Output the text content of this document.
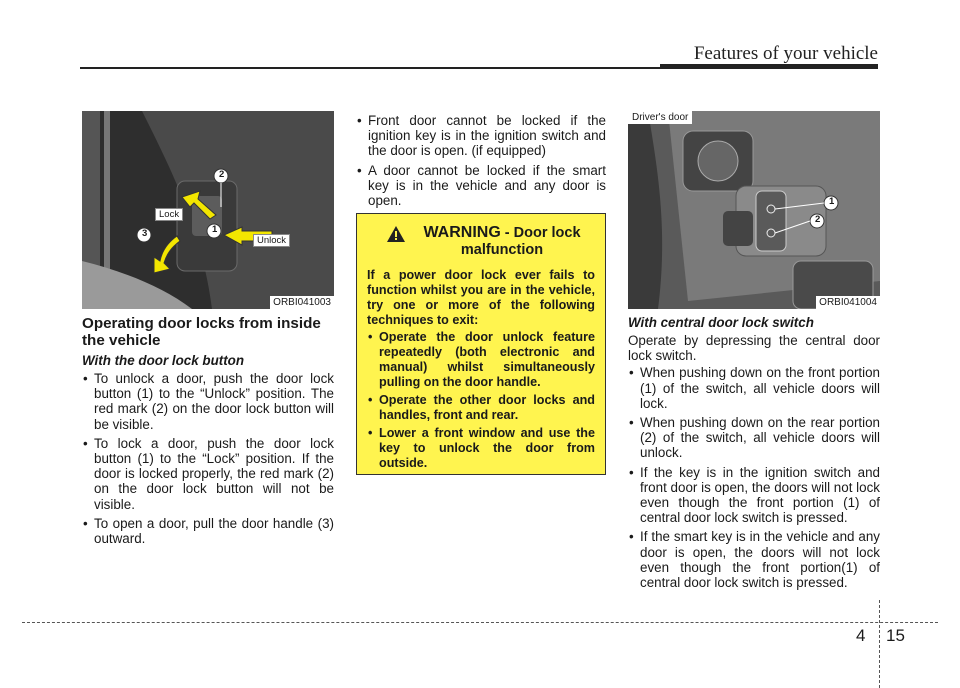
Features of your vehicle
2
1
3
Lock
Unlock
ORBI041003
Operating door locks from inside the vehicle
With the door lock button
• To unlock a door, push the door lock button (1) to the “Unlock” position. The red mark (2) on the door lock button will be visible.
• To lock a door, push the door lock button (1) to the “Lock” position. If the door is locked properly, the red mark (2) on the door lock button will not be visible.
• To open a door, pull the door handle (3) outward.
• Front door cannot be locked if the ignition key is in the ignition switch and the door is open. (if equipped)
• A door cannot be locked if the smart key is in the vehicle and any door is open.
WARNING - Door lock malfunction

If a power door lock ever fails to function whilst you are in the vehicle, try one or more of the following techniques to exit:

• Operate the door unlock feature repeatedly (both electronic and manual) whilst simultaneously pulling on the door handle.
• Operate the other door locks and handles, front and rear.
• Lower a front window and use the key to unlock the door from outside.
Driver's door
1
2
ORBI041004
With central door lock switch

Operate by depressing the central door lock switch.

• When pushing down on the front portion (1) of the switch, all vehicle doors will lock.
• When pushing down on the rear portion (2) of the switch, all vehicle doors will unlock.
• If the key is in the ignition switch and front door is open, the doors will not lock even though the front portion (1) of central door lock switch is pressed.
• If the smart key is in the vehicle and any door is open, the doors will not lock even though the front portion(1) of central door lock switch is pressed.
4 15
